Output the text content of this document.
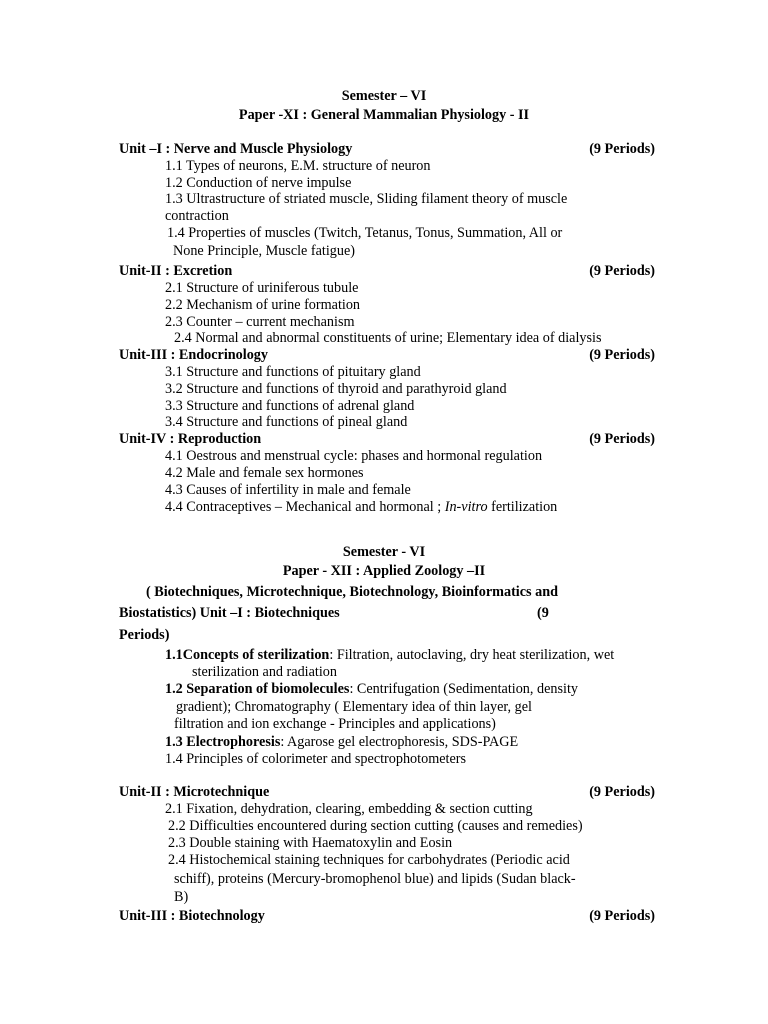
Semester – VI
Paper -XI : General Mammalian Physiology - II
Unit –I : Nerve and Muscle Physiology	(9 Periods)
1.1 Types of neurons, E.M. structure of neuron
1.2 Conduction of nerve impulse
1.3 Ultrastructure of striated muscle, Sliding filament theory of muscle
contraction
1.4 Properties of muscles (Twitch, Tetanus, Tonus, Summation, All or
None Principle, Muscle fatigue)
Unit-II : Excretion	(9 Periods)
2.1 Structure of uriniferous tubule
2.2 Mechanism of urine formation
2.3 Counter – current mechanism
2.4 Normal and abnormal constituents of urine; Elementary idea of dialysis
Unit-III : Endocrinology	(9 Periods)
3.1 Structure and functions of pituitary gland
3.2 Structure and functions of thyroid and parathyroid gland
3.3 Structure and functions of adrenal gland
3.4 Structure and functions of pineal gland
Unit-IV : Reproduction	(9 Periods)
4.1 Oestrous and menstrual cycle: phases and hormonal regulation
4.2 Male and female sex hormones
4.3 Causes of infertility in male and female
4.4 Contraceptives – Mechanical and hormonal ; In-vitro fertilization
Semester - VI
Paper - XII : Applied Zoology –II
( Biotechniques, Microtechnique, Biotechnology, Bioinformatics and
Biostatistics) Unit –I : Biotechniques	(9
Periods)
1.1Concepts of sterilization: Filtration, autoclaving, dry heat sterilization, wet
sterilization and radiation
1.2 Separation of biomolecules: Centrifugation (Sedimentation, density
gradient); Chromatography ( Elementary idea of thin layer, gel
filtration and ion exchange - Principles and applications)
1.3 Electrophoresis: Agarose gel electrophoresis, SDS-PAGE
1.4 Principles of colorimeter and spectrophotometers
Unit-II : Microtechnique	(9 Periods)
2.1 Fixation, dehydration, clearing, embedding & section cutting
2.2 Difficulties encountered during section cutting (causes and remedies)
2.3 Double staining with Haematoxylin and Eosin
2.4 Histochemical staining techniques for carbohydrates (Periodic acid
schiff), proteins (Mercury-bromophenol blue) and lipids (Sudan black-
B)
Unit-III : Biotechnology	(9 Periods)
